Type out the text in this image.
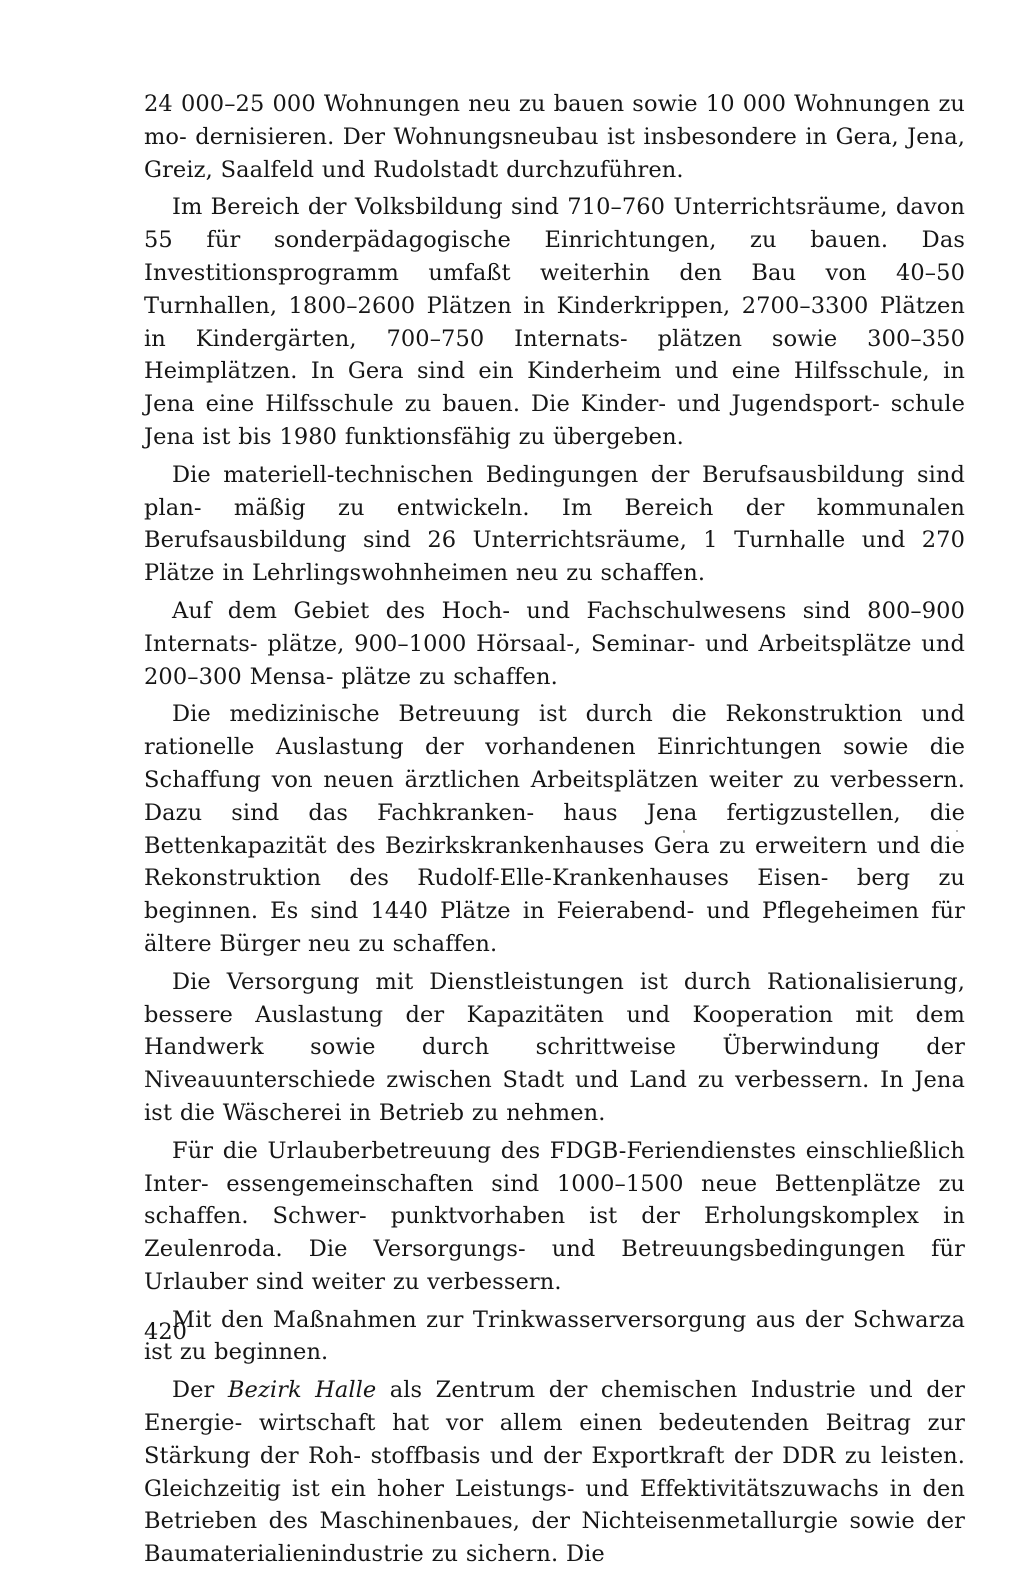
24 000–25 000 Wohnungen neu zu bauen sowie 10 000 Wohnungen zu mo- dernisieren. Der Wohnungsneubau ist insbesondere in Gera, Jena, Greiz, Saalfeld und Rudolstadt durchzuführen.

Im Bereich der Volksbildung sind 710–760 Unterrichtsräume, davon 55 für sonderpädagogische Einrichtungen, zu bauen. Das Investitionsprogramm umfaßt weiterhin den Bau von 40–50 Turnhallen, 1800–2600 Plätzen in Kinderkrippen, 2700–3300 Plätzen in Kindergärten, 700–750 Internats- plätzen sowie 300–350 Heimplätzen. In Gera sind ein Kinderheim und eine Hilfsschule, in Jena eine Hilfsschule zu bauen. Die Kinder- und Jugendsport- schule Jena ist bis 1980 funktionsfähig zu übergeben.

Die materiell-technischen Bedingungen der Berufsausbildung sind plan- mäßig zu entwickeln. Im Bereich der kommunalen Berufsausbildung sind 26 Unterrichtsräume, 1 Turnhalle und 270 Plätze in Lehrlingswohnheimen neu zu schaffen.

Auf dem Gebiet des Hoch- und Fachschulwesens sind 800–900 Internats- plätze, 900–1000 Hörsaal-, Seminar- und Arbeitsplätze und 200–300 Mensa- plätze zu schaffen.

Die medizinische Betreuung ist durch die Rekonstruktion und rationelle Auslastung der vorhandenen Einrichtungen sowie die Schaffung von neuen ärztlichen Arbeitsplätzen weiter zu verbessern. Dazu sind das Fachkranken- haus Jena fertigzustellen, die Bettenkapazität des Bezirkskrankenhauses Gera zu erweitern und die Rekonstruktion des Rudolf-Elle-Krankenhauses Eisen- berg zu beginnen. Es sind 1440 Plätze in Feierabend- und Pflegeheimen für ältere Bürger neu zu schaffen.

Die Versorgung mit Dienstleistungen ist durch Rationalisierung, bessere Auslastung der Kapazitäten und Kooperation mit dem Handwerk sowie durch schrittweise Überwindung der Niveauunterschiede zwischen Stadt und Land zu verbessern. In Jena ist die Wäscherei in Betrieb zu nehmen.

Für die Urlauberbetreuung des FDGB-Feriendienstes einschließlich Inter- essengemeinschaften sind 1000–1500 neue Bettenplätze zu schaffen. Schwer- punktvorhaben ist der Erholungskomplex in Zeulenroda. Die Versorgungs- und Betreuungsbedingungen für Urlauber sind weiter zu verbessern.

Mit den Maßnahmen zur Trinkwasserversorgung aus der Schwarza ist zu beginnen.

Der Bezirk Halle als Zentrum der chemischen Industrie und der Energie- wirtschaft hat vor allem einen bedeutenden Beitrag zur Stärkung der Roh- stoffbasis und der Exportkraft der DDR zu leisten. Gleichzeitig ist ein hoher Leistungs- und Effektivitätszuwachs in den Betrieben des Maschinenbaues, der Nichteisenmetallurgie sowie der Baumaterialienindustrie zu sichern. Die

420
